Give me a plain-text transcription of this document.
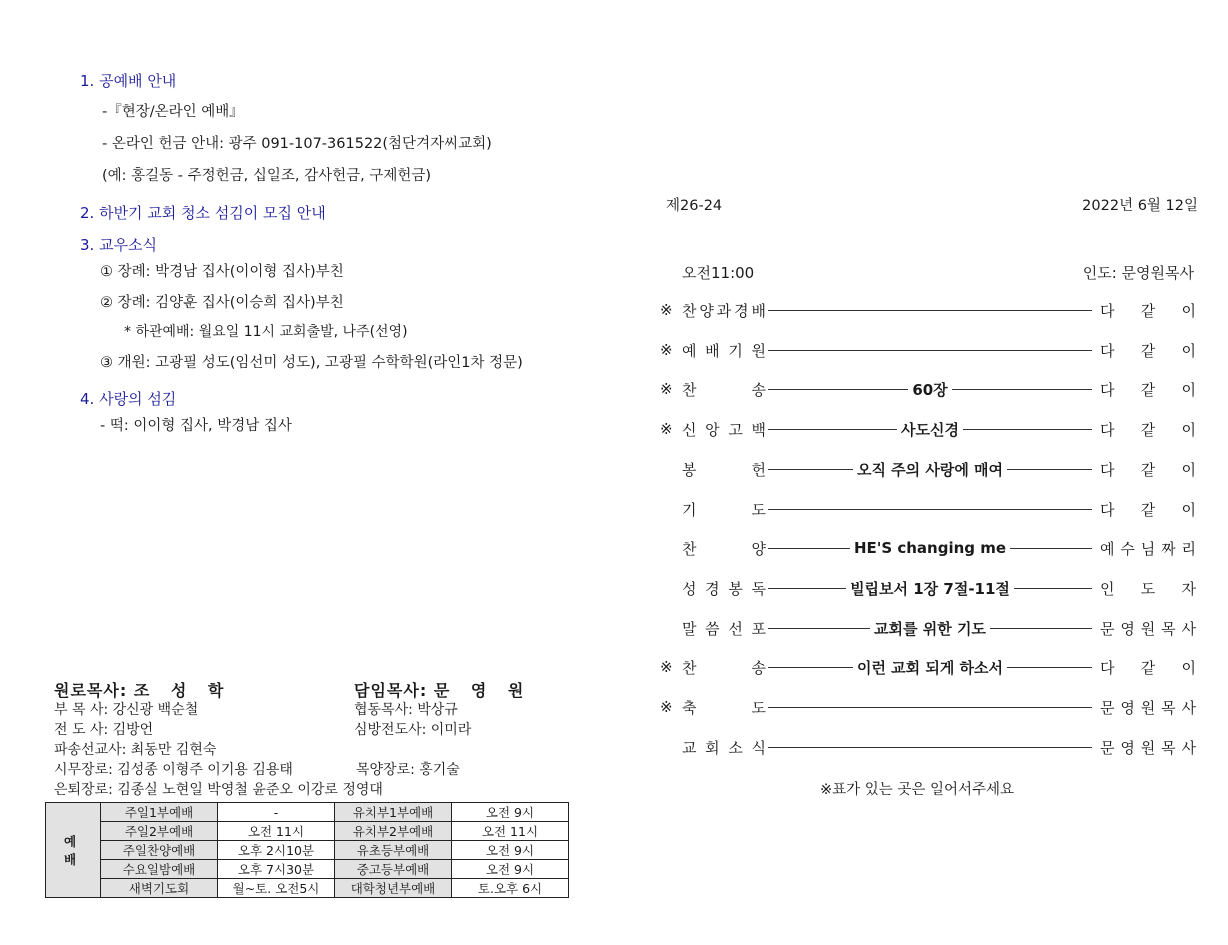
1. 공예배 안내
-『현장/온라인 예배』
- 온라인 헌금 안내: 광주 091-107-361522(첨단겨자씨교회)
(예: 홍길동 - 주정헌금, 십일조, 감사헌금, 구제헌금)
2. 하반기 교회 청소 섬김이 모집 안내
3. 교우소식
① 장례: 박경남 집사(이이형 집사)부친
② 장례: 김양훈 집사(이승희 집사)부친
* 하관예배: 월요일 11시 교회출발, 나주(선영)
③ 개원: 고광필 성도(임선미 성도), 고광필 수학학원(라인1차 정문)
4. 사랑의 섬김
- 떡: 이이형 집사, 박경남 집사
원로목사: 조 성 학	담임목사: 문 영 원
부 목 사: 강신광 백순철	협동목사: 박상규
전 도 사: 김방언	심방전도사: 이미라
파송선교사: 최동만 김현숙
시무장로: 김성종 이형주 이기용 김용태	목양장로: 홍기술
은퇴장로: 김종실 노현일 박영철 윤준오 이강로 정영대
예 배	주일1부예배	-	유치부1부예배	오전 9시
	주일2부예배	오전 11시	유치부2부예배	오전 11시
	주일찬양예배	오후 2시10분	유초등부예배	오전 9시
	수요일밤예배	오후 7시30분	중고등부예배	오전 9시
	새벽기도회	월~토. 오전5시	대학청년부예배	토.오후 6시
제26-24	2022년 6월 12일
오전11:00	인도: 문영원목사
※ 찬 양 과 경 배	다 같 이
※ 예 배 기 원	다 같 이
※ 찬	송	60장	다 같 이
※ 신 앙 고 백	사도신경	다 같 이
봉	헌	오직 주의 사랑에 매여	다 같 이
기	도	다 같 이
찬	양	HE'S changing me	예 수 님 짜 리
성 경 봉 독	빌립보서 1장 7절-11절	인 도 자
말 씀 선 포	교회를 위한 기도	문 영 원 목 사
※ 찬	송	이런 교회 되게 하소서	다 같 이
※ 축	도	문 영 원 목 사
교 회 소 식	문 영 원 목 사
※표가 있는 곳은 일어서주세요
